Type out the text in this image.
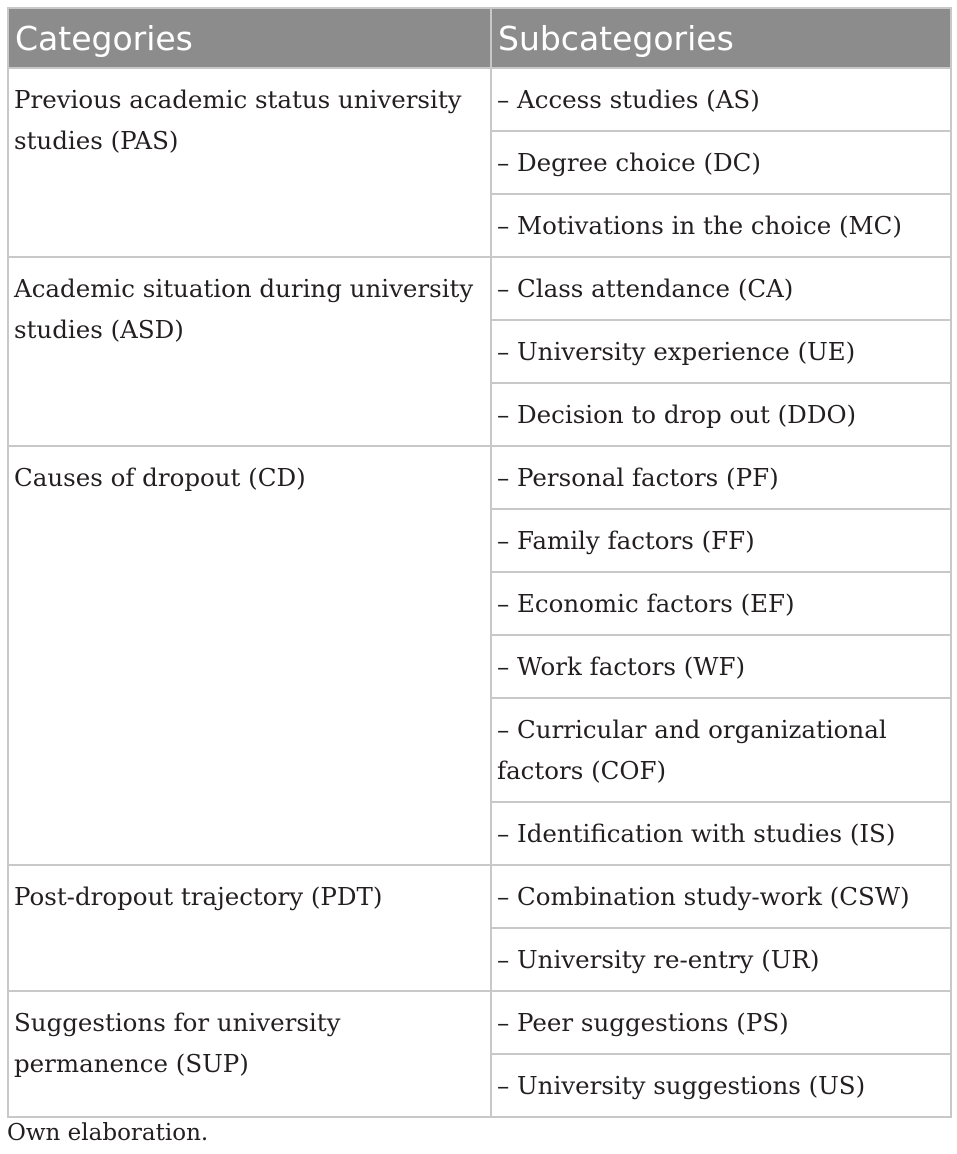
Categories	Subcategories
Previous academic status university studies (PAS)	– Access studies (AS)
	– Degree choice (DC)
	– Motivations in the choice (MC)
Academic situation during university studies (ASD)	– Class attendance (CA)
	– University experience (UE)
	– Decision to drop out (DDO)
Causes of dropout (CD)	– Personal factors (PF)
	– Family factors (FF)
	– Economic factors (EF)
	– Work factors (WF)
	– Curricular and organizational factors (COF)
	– Identification with studies (IS)
Post-dropout trajectory (PDT)	– Combination study-work (CSW)
	– University re-entry (UR)
Suggestions for university permanence (SUP)	– Peer suggestions (PS)
	– University suggestions (US)
Own elaboration.
